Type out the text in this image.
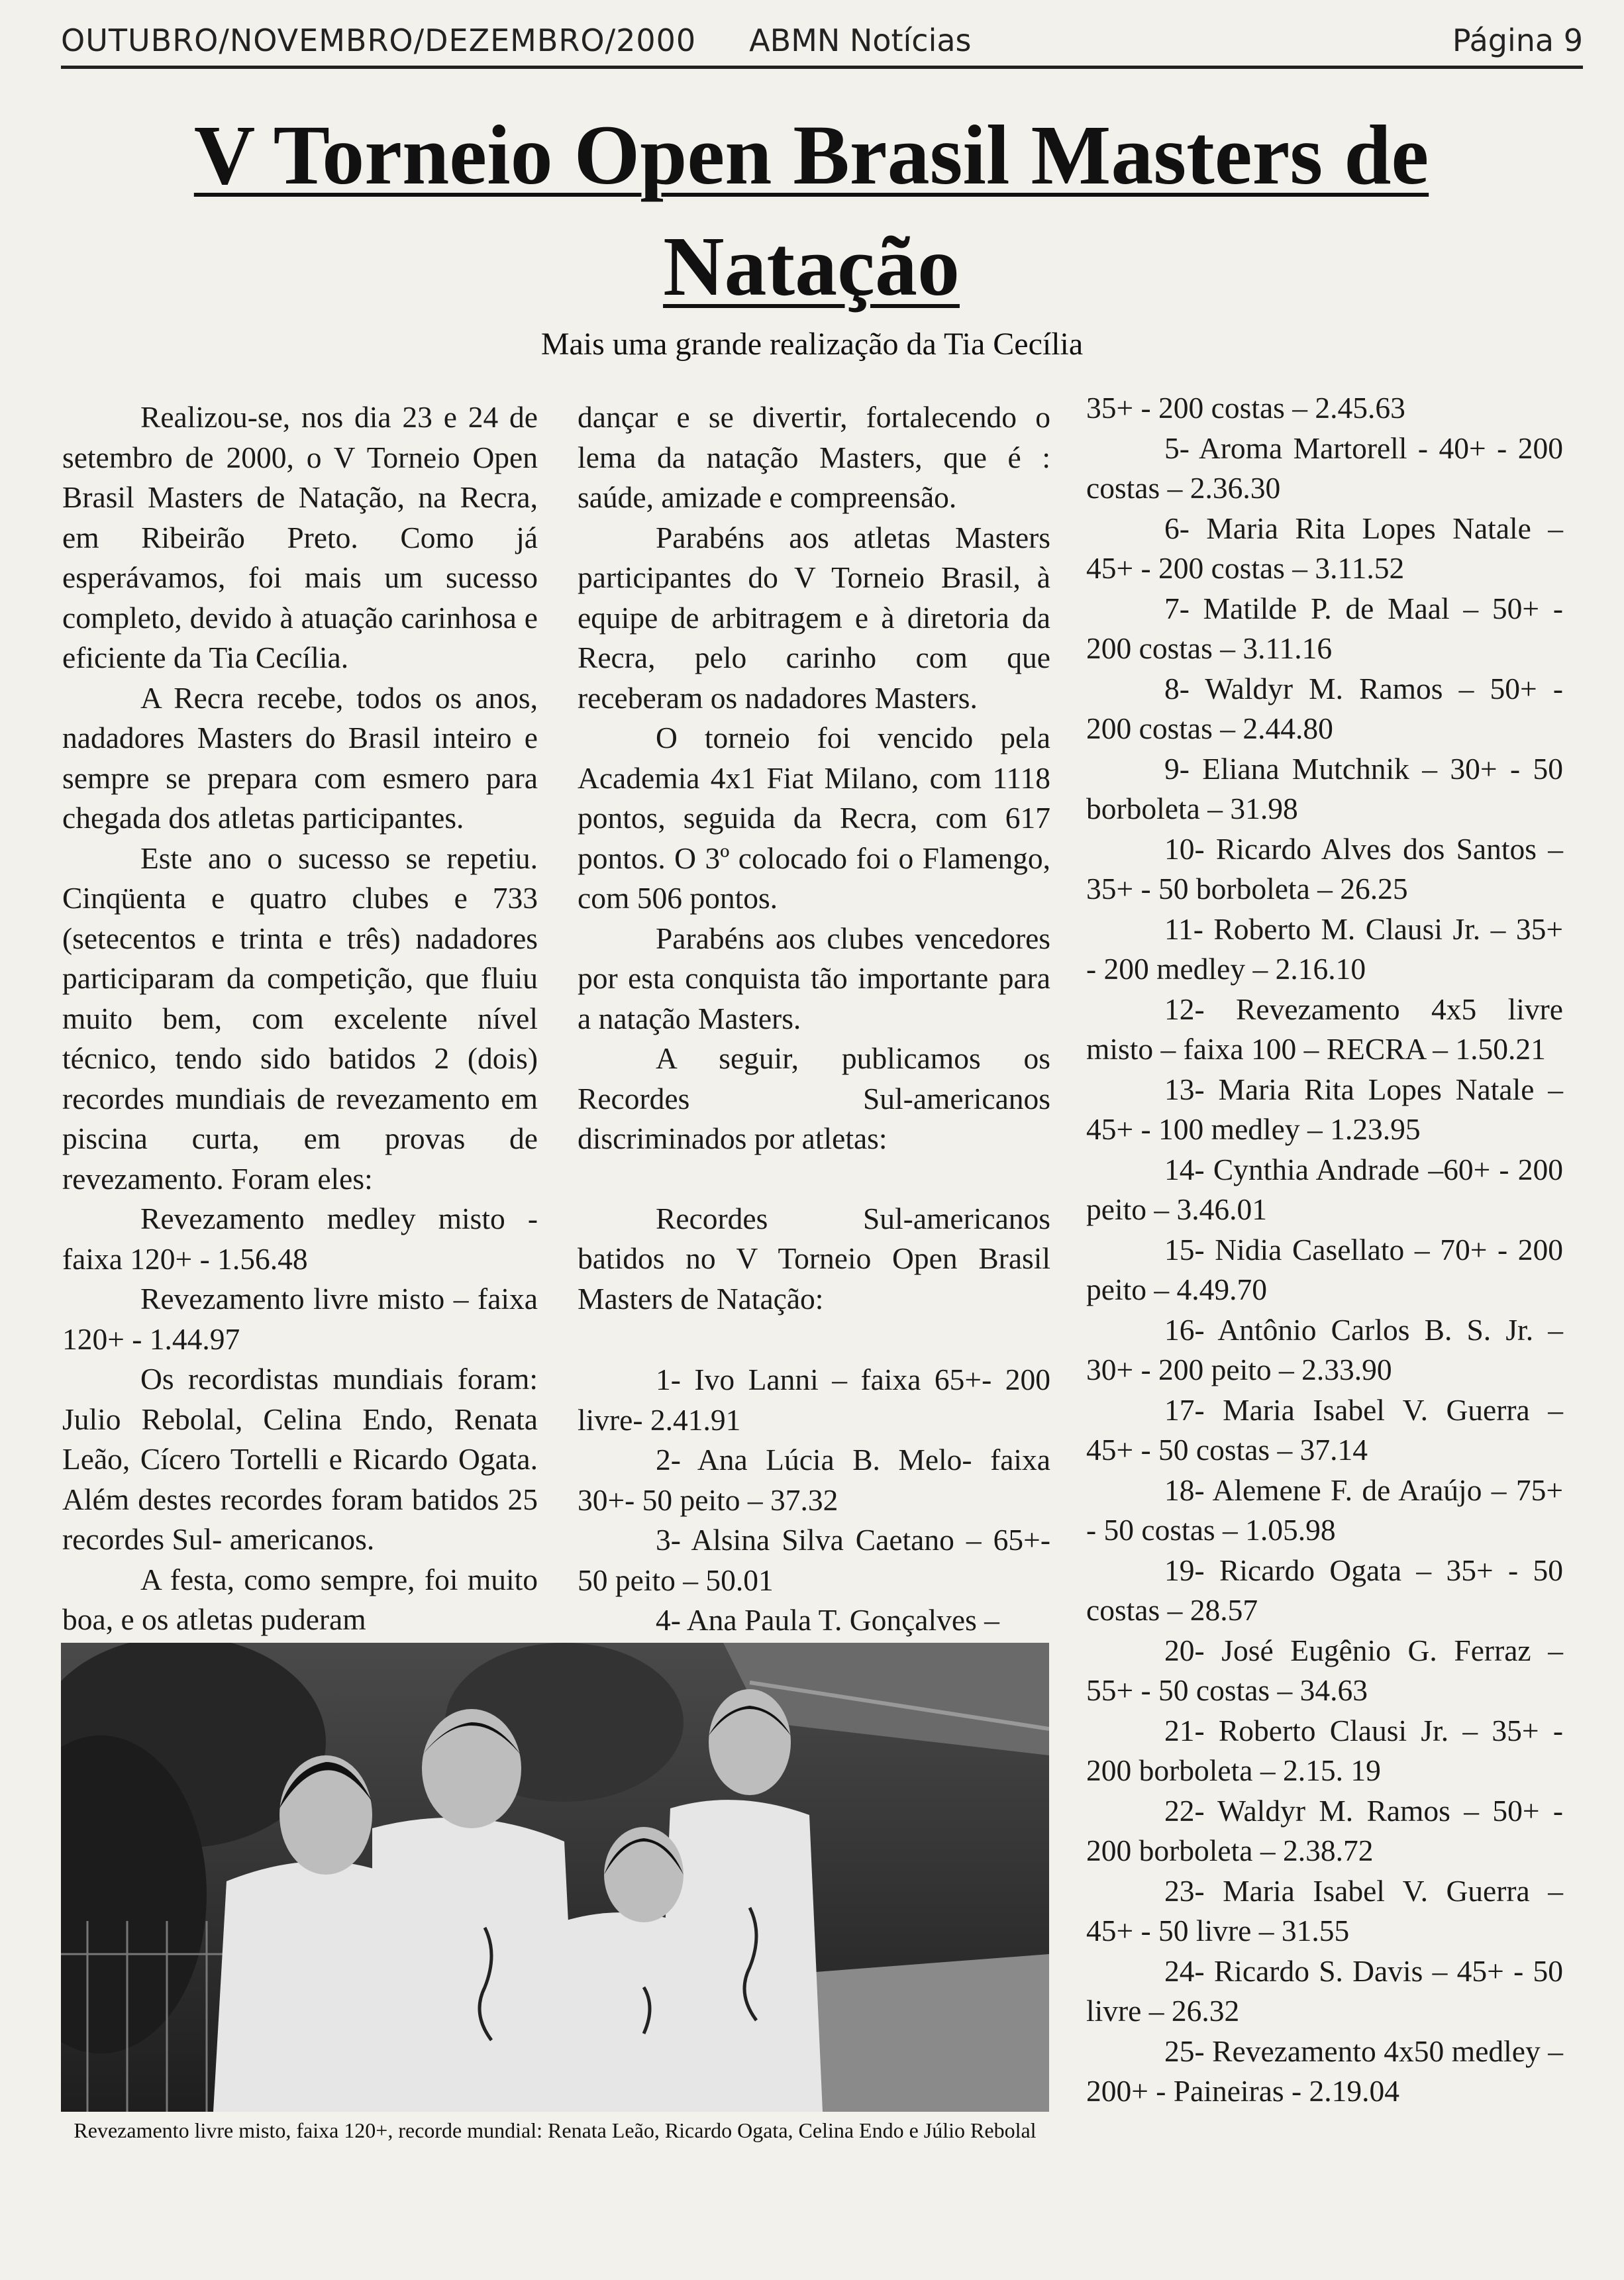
OUTUBRO/NOVEMBRO/DEZEMBRO/2000 ABMN Notícias	Página 9
V Torneio Open Brasil Masters de
Natação
Mais uma grande realização da Tia Cecília

Realizou-se, nos dia 23 e 24 de setembro de 2000, o V Torneio Open Brasil Masters de Natação, na Recra, em Ribeirão Preto. Como já esperávamos, foi mais um sucesso completo, devido à atuação carinhosa e eficiente da Tia Cecília.

A Recra recebe, todos os anos, nadadores Masters do Brasil inteiro e sempre se prepara com esmero para chegada dos atletas participantes.

Este ano o sucesso se repetiu. Cinqüenta e quatro clubes e 733 (setecentos e trinta e três) nadadores participaram da competição, que fluiu muito bem, com excelente nível técnico, tendo sido batidos 2 (dois) recordes mundiais de revezamento em piscina curta, em provas de revezamento. Foram eles:

Revezamento medley misto - faixa 120+ - 1.56.48

Revezamento livre misto – faixa 120+ - 1.44.97

Os recordistas mundiais foram: Julio Rebolal, Celina Endo, Renata Leão, Cícero Tortelli e Ricardo Ogata. Além destes recordes foram batidos 25 recordes Sul- americanos.

A festa, como sempre, foi muito boa, e os atletas puderam

dançar e se divertir, fortalecendo o lema da natação Masters, que é : saúde, amizade e compreensão.

Parabéns aos atletas Masters participantes do V Torneio Brasil, à equipe de arbitragem e à diretoria da Recra, pelo carinho com que receberam os nadadores Masters.

O torneio foi vencido pela Academia 4x1 Fiat Milano, com 1118 pontos, seguida da Recra, com 617 pontos. O 3º colocado foi o Flamengo, com 506 pontos.

Parabéns aos clubes vencedores por esta conquista tão importante para a natação Masters.

A seguir, publicamos os Recordes Sul-americanos discriminados por atletas:

Recordes Sul-americanos batidos no V Torneio Open Brasil Masters de Natação:

1- Ivo Lanni – faixa 65+- 200 livre- 2.41.91

2- Ana Lúcia B. Melo- faixa 30+- 50 peito – 37.32

3- Alsina Silva Caetano – 65+- 50 peito – 50.01

4- Ana Paula T. Gonçalves –

35+ - 200 costas – 2.45.63

5- Aroma Martorell - 40+ - 200 costas – 2.36.30

6- Maria Rita Lopes Natale – 45+ - 200 costas – 3.11.52

7- Matilde P. de Maal – 50+ - 200 costas – 3.11.16

8- Waldyr M. Ramos – 50+ - 200 costas – 2.44.80

9- Eliana Mutchnik – 30+ - 50 borboleta – 31.98

10- Ricardo Alves dos Santos – 35+ - 50 borboleta – 26.25

11- Roberto M. Clausi Jr. – 35+ - 200 medley – 2.16.10

12- Revezamento 4x5 livre misto – faixa 100 – RECRA – 1.50.21

13- Maria Rita Lopes Natale – 45+ - 100 medley – 1.23.95

14- Cynthia Andrade –60+ - 200 peito – 3.46.01

15- Nidia Casellato – 70+ - 200 peito – 4.49.70

16- Antônio Carlos B. S. Jr. – 30+ - 200 peito – 2.33.90

17- Maria Isabel V. Guerra – 45+ - 50 costas – 37.14

18- Alemene F. de Araújo – 75+ - 50 costas – 1.05.98

19- Ricardo Ogata – 35+ - 50 costas – 28.57

20- José Eugênio G. Ferraz – 55+ - 50 costas – 34.63

21- Roberto Clausi Jr. – 35+ - 200 borboleta – 2.15. 19

22- Waldyr M. Ramos – 50+ - 200 borboleta – 2.38.72

23- Maria Isabel V. Guerra – 45+ - 50 livre – 31.55

24- Ricardo S. Davis – 45+ - 50 livre – 26.32

25- Revezamento 4x50 medley – 200+ - Paineiras - 2.19.04

Revezamento livre misto, faixa 120+, recorde mundial: Renata Leão, Ricardo Ogata, Celina Endo e Júlio Rebolal
